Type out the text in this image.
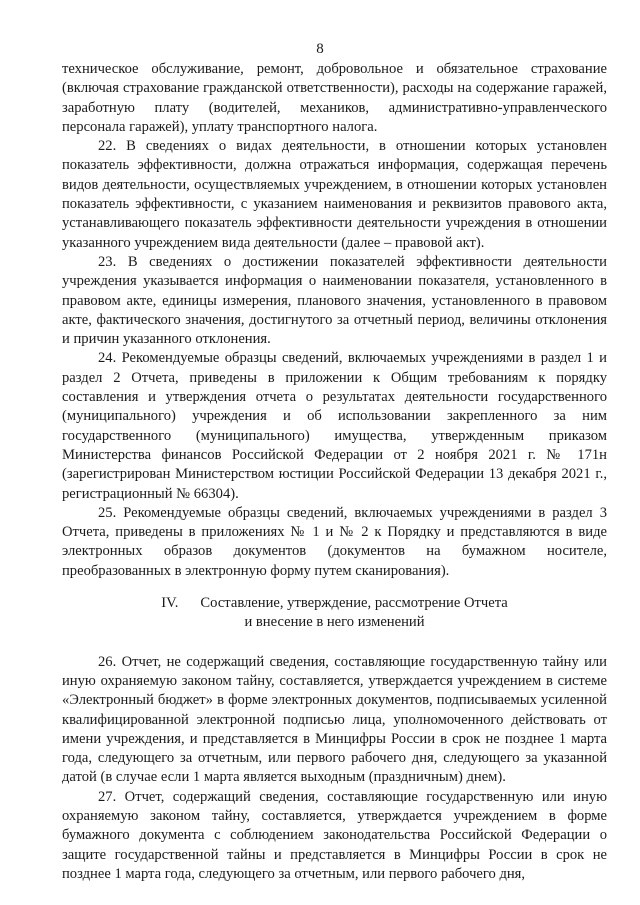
8

техническое обслуживание, ремонт, добровольное и обязательное страхование (включая страхование гражданской ответственности), расходы на содержание гаражей, заработную плату (водителей, механиков, административно-управленческого персонала гаражей), уплату транспортного налога.

22. В сведениях о видах деятельности, в отношении которых установлен показатель эффективности, должна отражаться информация, содержащая перечень видов деятельности, осуществляемых учреждением, в отношении которых установлен показатель эффективности, с указанием наименования и реквизитов правового акта, устанавливающего показатель эффективности деятельности учреждения в отношении указанного учреждением вида деятельности (далее – правовой акт).

23. В сведениях о достижении показателей эффективности деятельности учреждения указывается информация о наименовании показателя, установленного в правовом акте, единицы измерения, планового значения, установленного в правовом акте, фактического значения, достигнутого за отчетный период, величины отклонения и причин указанного отклонения.

24. Рекомендуемые образцы сведений, включаемых учреждениями в раздел 1 и раздел 2 Отчета, приведены в приложении к Общим требованиям к порядку составления и утверждения отчета о результатах деятельности государственного (муниципального) учреждения и об использовании закрепленного за ним государственного (муниципального) имущества, утвержденным приказом Министерства финансов Российской Федерации от 2 ноября 2021 г. № 171н (зарегистрирован Министерством юстиции Российской Федерации 13 декабря 2021 г., регистрационный № 66304).

25. Рекомендуемые образцы сведений, включаемых учреждениями в раздел 3 Отчета, приведены в приложениях № 1 и № 2 к Порядку и представляются в виде электронных образов документов (документов на бумажном носителе, преобразованных в электронную форму путем сканирования).

IV. Составление, утверждение, рассмотрение Отчета
и внесение в него изменений

26. Отчет, не содержащий сведения, составляющие государственную тайну или иную охраняемую законом тайну, составляется, утверждается учреждением в системе «Электронный бюджет» в форме электронных документов, подписываемых усиленной квалифицированной электронной подписью лица, уполномоченного действовать от имени учреждения, и представляется в Минцифры России в срок не позднее 1 марта года, следующего за отчетным, или первого рабочего дня, следующего за указанной датой (в случае если 1 марта является выходным (праздничным) днем).

27. Отчет, содержащий сведения, составляющие государственную или иную охраняемую законом тайну, составляется, утверждается учреждением в форме бумажного документа с соблюдением законодательства Российской Федерации о защите государственной тайны и представляется в Минцифры России в срок не позднее 1 марта года, следующего за отчетным, или первого рабочего дня,
